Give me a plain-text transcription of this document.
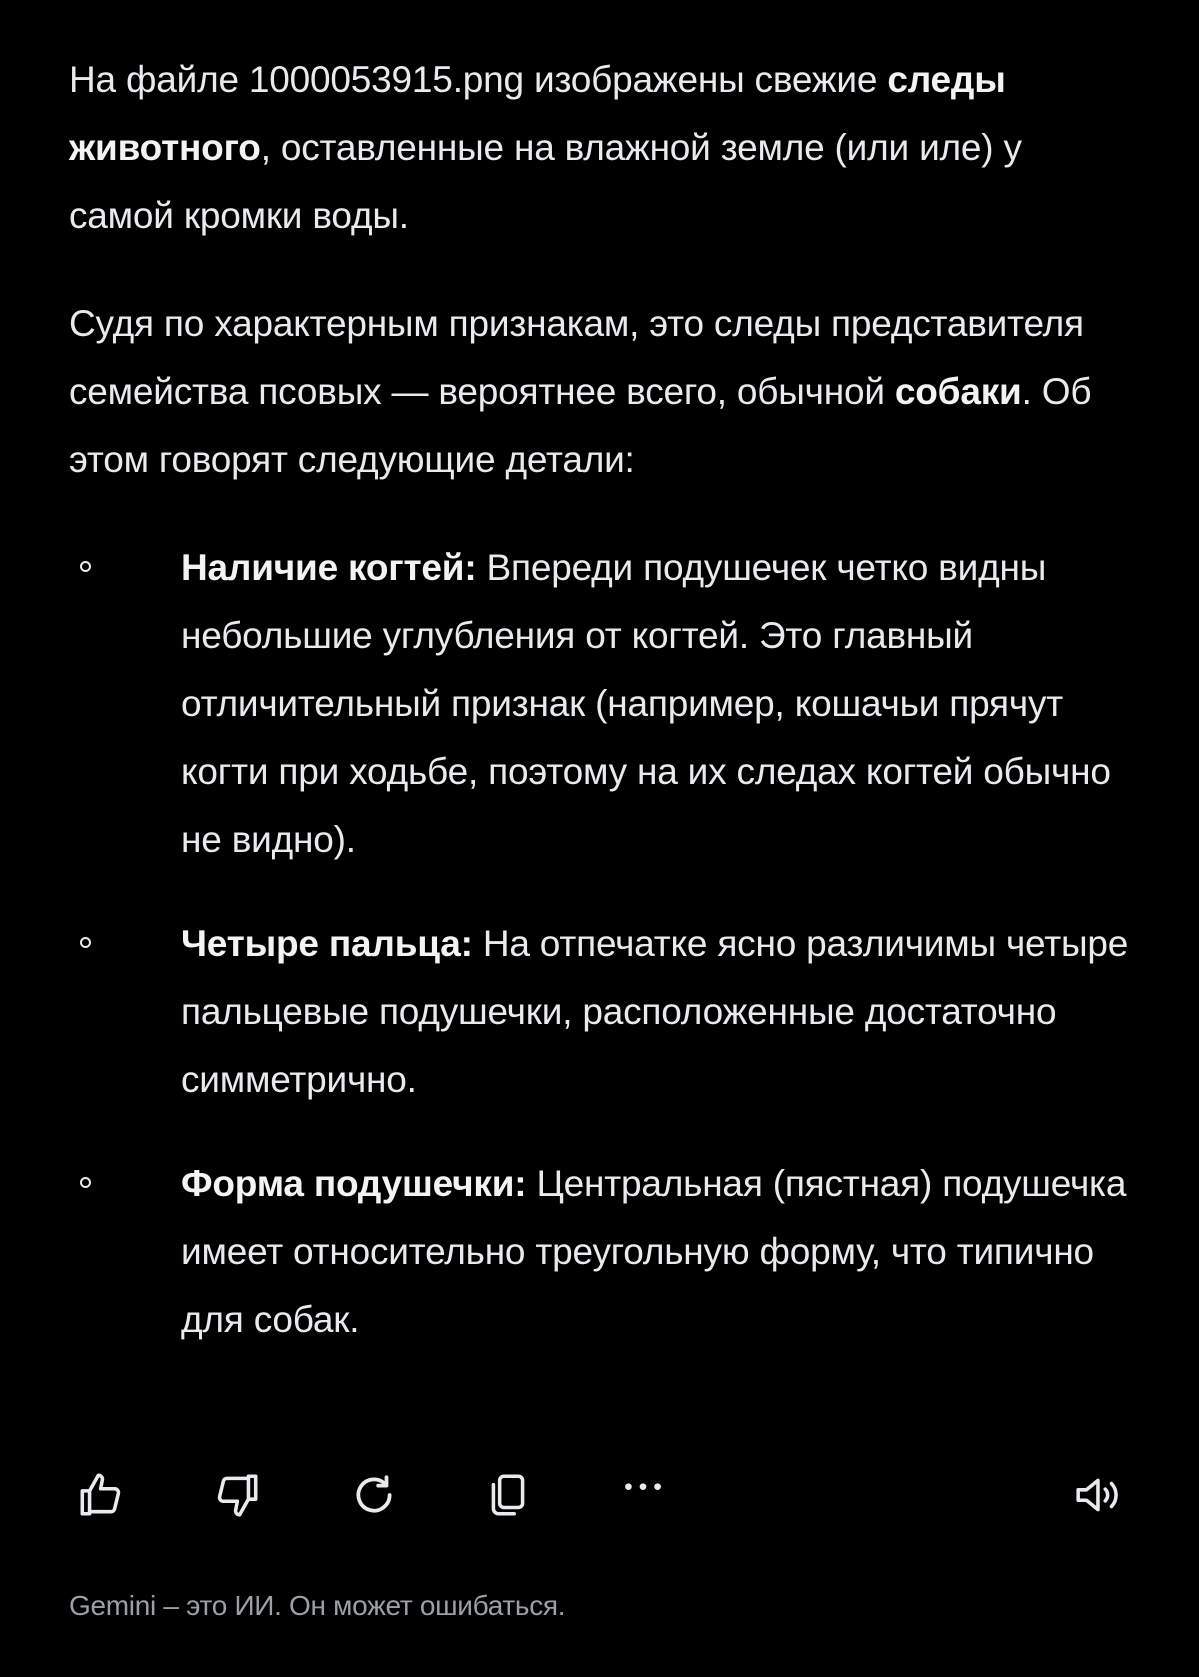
На файле 1000053915.png изображены свежие следы животного, оставленные на влажной земле (или иле) у самой кромки воды.

Судя по характерным признакам, это следы представителя семейства псовых — вероятнее всего, обычной собаки. Об этом говорят следующие детали:

Наличие когтей: Впереди подушечек четко видны небольшие углубления от когтей. Это главный отличительный признак (например, кошачьи прячут когти при ходьбе, поэтому на их следах когтей обычно не видно).
Четыре пальца: На отпечатке ясно различимы четыре пальцевые подушечки, расположенные достаточно симметрично.
Форма подушечки: Центральная (пястная) подушечка имеет относительно треугольную форму, что типично для собак.
Gemini – это ИИ. Он может ошибаться.
